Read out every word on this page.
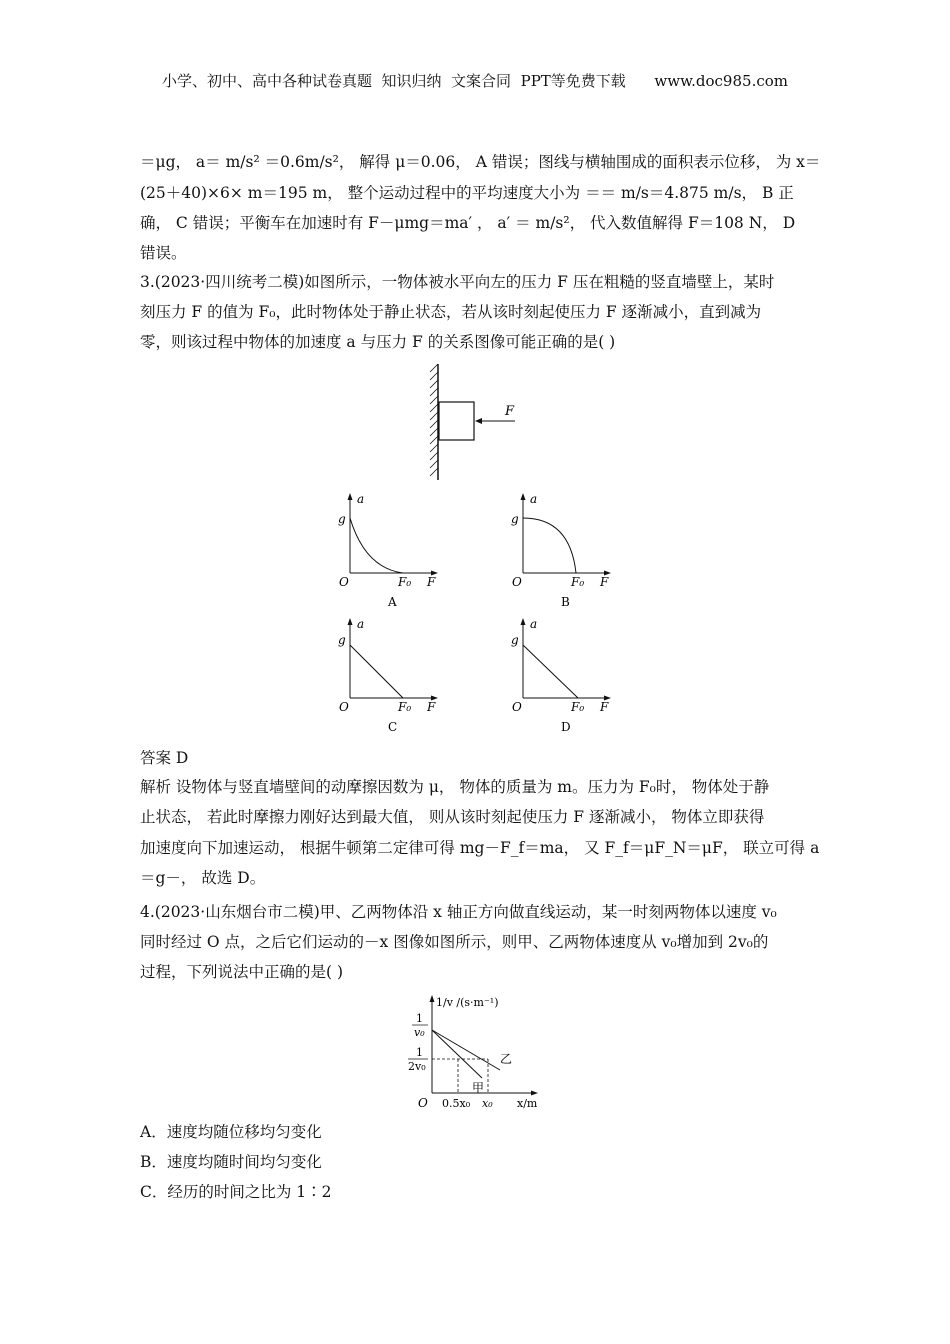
小学、初中、高中各种试卷真题  知识归纳  文案合同  PPT等免费下载      www.doc985.com
＝μg， a＝ m/s² ＝0.6m/s²， 解得 μ＝0.06， A 错误；图线与横轴围成的面积表示位移， 为 x＝
(25＋40)×6× m＝195 m， 整个运动过程中的平均速度大小为 ＝＝ m/s＝4.875 m/s， B 正
确， C 错误；平衡车在加速时有 F－μmg＝ma′ ， a′ ＝ m/s²， 代入数值解得 F＝108 N， D
错误。
3.(2023·四川统考二模)如图所示，一物体被水平向左的压力 F 压在粗糙的竖直墙壁上，某时
刻压力 F 的值为 F₀，此时物体处于静止状态，若从该时刻起使压力 F 逐渐减小，直到减为
零，则该过程中物体的加速度 a 与压力 F 的关系图像可能正确的是( )
F
a
g
O	F₀ F
A
a
g
O	F₀ F
B
a
g
O	F₀ F
C
a
g
O	F₀ F
D
答案 D
解析 设物体与竖直墙壁间的动摩擦因数为 μ， 物体的质量为 m。压力为 F₀时， 物体处于静
止状态， 若此时摩擦力刚好达到最大值， 则从该时刻起使压力 F 逐渐减小， 物体立即获得
加速度向下加速运动， 根据牛顿第二定律可得 mg－F_f＝ma， 又 F_f＝μF_N＝μF， 联立可得 a
＝g－， 故选 D。
4.(2023·山东烟台市二模)甲、乙两物体沿 x 轴正方向做直线运动，某一时刻两物体以速度 v₀
同时经过 O 点，之后它们运动的－x 图像如图所示，则甲、乙两物体速度从 v₀增加到 2v₀的
过程，下列说法中正确的是( )
1/v /(s·m⁻¹)
1
v₀
1
2v₀
甲
乙
O 0.5x₀ x₀ x/m
A．速度均随位移均匀变化
B．速度均随时间均匀变化
C．经历的时间之比为 1∶2
